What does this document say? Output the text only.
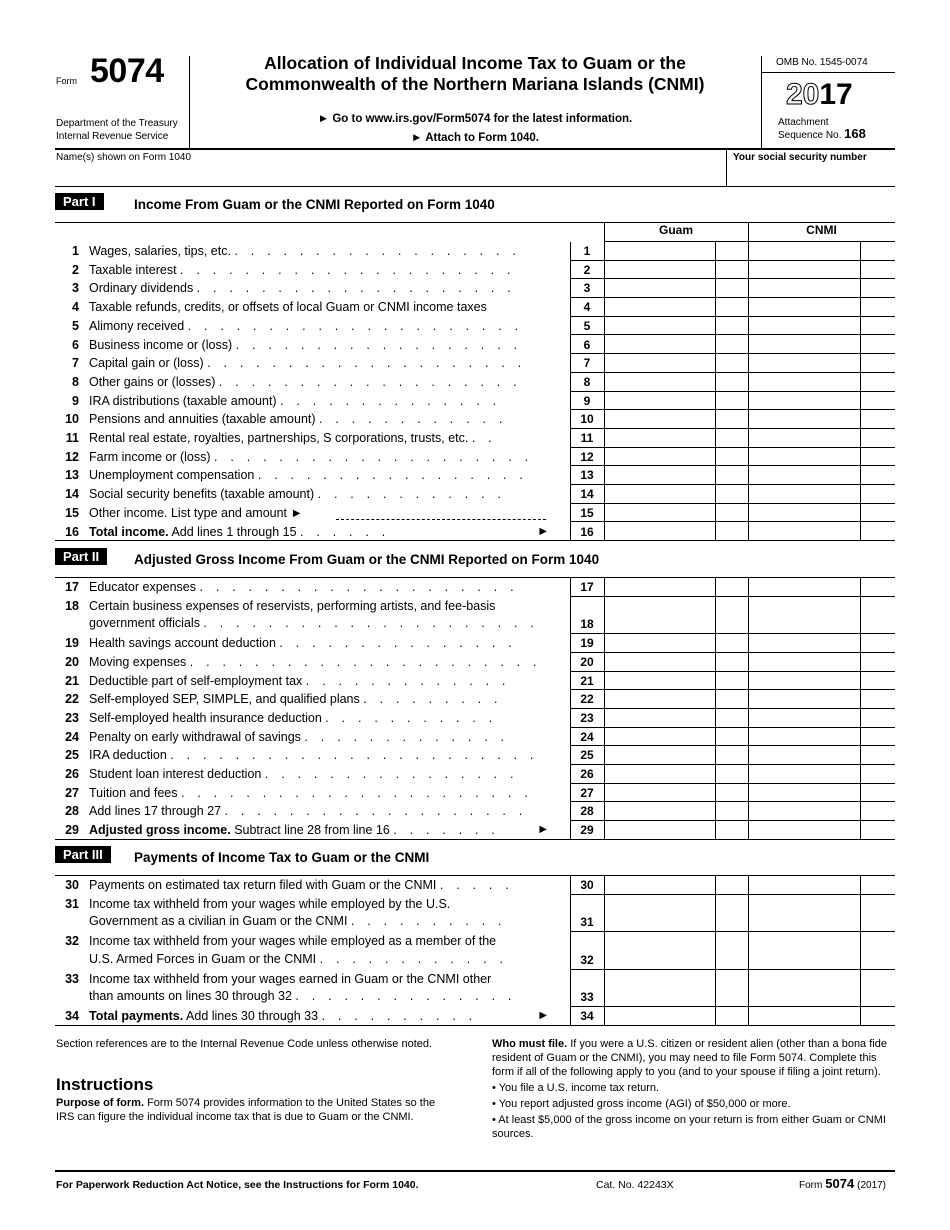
Form 5074
Department of the Treasury
Internal Revenue Service
Allocation of Individual Income Tax to Guam or the
Commonwealth of the Northern Mariana Islands (CNMI)
► Go to www.irs.gov/Form5074 for the latest information.
► Attach to Form 1040.
OMB No. 1545-0074
2017
Attachment
Sequence No. 168
Name(s) shown on Form 1040	Your social security number
Part I	Income From Guam or the CNMI Reported on Form 1040
Guam	CNMI
1 Wages, salaries, tips, etc. . . . . . . . . . . . . . . . . . .	1
2 Taxable interest . . . . . . . . . . . . . . . . . . . . .	2
3 Ordinary dividends . . . . . . . . . . . . . . . . . . . .	3
4 Taxable refunds, credits, or offsets of local Guam or CNMI income taxes	4
5 Alimony received . . . . . . . . . . . . . . . . . . . . .	5
6 Business income or (loss) . . . . . . . . . . . . . . . . . .	6
7 Capital gain or (loss) . . . . . . . . . . . . . . . . . . . .	7
8 Other gains or (losses) . . . . . . . . . . . . . . . . . . .	8
9 IRA distributions (taxable amount) . . . . . . . . . . . . . .	9
10 Pensions and annuities (taxable amount) . . . . . . . . . . . .	10
11 Rental real estate, royalties, partnerships, S corporations, trusts, etc. . .	11
12 Farm income or (loss) . . . . . . . . . . . . . . . . . . . .	12
13 Unemployment compensation . . . . . . . . . . . . . . . . .	13
14 Social security benefits (taxable amount) . . . . . . . . . . . .	14
15 Other income. List type and amount ►	15
16 Total income. Add lines 1 through 15 . . . . . .	►	16
Part II	Adjusted Gross Income From Guam or the CNMI Reported on Form 1040
17 Educator expenses . . . . . . . . . . . . . . . . . . . .	17
18 Certain business expenses of reservists, performing artists, and fee-basis
government officials . . . . . . . . . . . . . . . . . . . . .	18
19 Health savings account deduction . . . . . . . . . . . . . . .	19
20 Moving expenses . . . . . . . . . . . . . . . . . . . . . .	20
21 Deductible part of self-employment tax . . . . . . . . . . . . .	21
22 Self-employed SEP, SIMPLE, and qualified plans . . . . . . . . .	22
23 Self-employed health insurance deduction . . . . . . . . . . .	23
24 Penalty on early withdrawal of savings . . . . . . . . . . . . .	24
25 IRA deduction . . . . . . . . . . . . . . . . . . . . . . .	25
26 Student loan interest deduction . . . . . . . . . . . . . . . .	26
27 Tuition and fees . . . . . . . . . . . . . . . . . . . . . .	27
28 Add lines 17 through 27 . . . . . . . . . . . . . . . . . . .	28
29 Adjusted gross income. Subtract line 28 from line 16 . . . . . . .	►	29
Part III	Payments of Income Tax to Guam or the CNMI
30 Payments on estimated tax return filed with Guam or the CNMI . . . . .	30
31 Income tax withheld from your wages while employed by the U.S.
Government as a civilian in Guam or the CNMI . . . . . . . . . .	31
32 Income tax withheld from your wages while employed as a member of the
U.S. Armed Forces in Guam or the CNMI . . . . . . . . . . . .	32
33 Income tax withheld from your wages earned in Guam or the CNMI other
than amounts on lines 30 through 32 . . . . . . . . . . . . . .	33
34 Total payments. Add lines 30 through 33 . . . . . . . . . .	►	34
Section references are to the Internal Revenue Code unless otherwise noted.
Instructions
Purpose of form. Form 5074 provides information to the United States so the IRS can figure the individual income tax that is due to Guam or the CNMI.
Who must file. If you were a U.S. citizen or resident alien (other than a bona fide resident of Guam or the CNMI), you may need to file Form 5074. Complete this form if all of the following apply to you (and to your spouse if filing a joint return).
• You file a U.S. income tax return.
• You report adjusted gross income (AGI) of $50,000 or more.
• At least $5,000 of the gross income on your return is from either Guam or CNMI sources.
For Paperwork Reduction Act Notice, see the Instructions for Form 1040.	Cat. No. 42243X	Form 5074 (2017)
